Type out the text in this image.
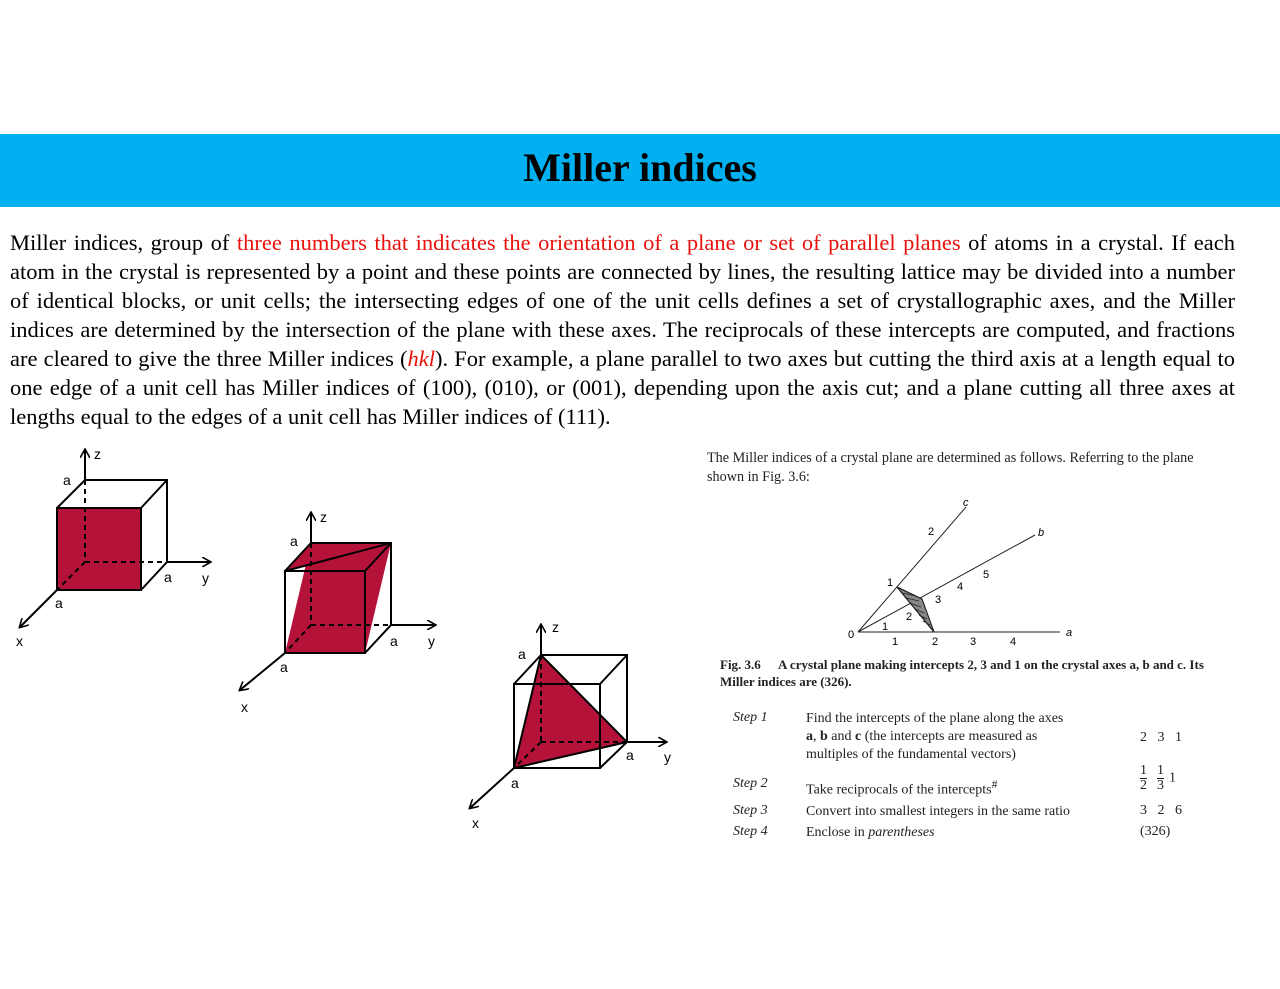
Miller indices
Miller indices, group of three numbers that indicates the orientation of a plane or set of parallel planes of atoms in a crystal. If each atom in the crystal is represented by a point and these points are connected by lines, the resulting lattice may be divided into a number of identical blocks, or unit cells; the intersecting edges of one of the unit cells defines a set of crystallographic axes, and the Miller indices are determined by the intersection of the plane with these axes. The reciprocals of these intercepts are computed, and fractions are cleared to give the three Miller indices (hkl). For example, a plane parallel to two axes but cutting the third axis at a length equal to one edge of a unit cell has Miller indices of (100), (010), or (001), depending upon the axis cut; and a plane cutting all three axes at lengths equal to the edges of a unit cell has Miller indices of (111).
z
y
x
a
a
a
z
y
x
a
a
a
z
y
x
a
a
a
The Miller indices of a crystal plane are determined as follows. Referring to the plane shown in Fig. 3.6:
0	a
b
c
1	2	3	4
1
2
3
4
5
1
2
Fig. 3.6 A crystal plane making intercepts 2, 3 and 1 on the crystal axes a, b and c. Its Miller indices are (326).
Step 1	Find the intercepts of the plane along the axes
a, b and c (the intercepts are measured as
multiples of the fundamental vectors)
2   3   1
Step 2	Take reciprocals of the intercepts#	$\frac{1}{2} \frac{1}{3} 1$
Step 3	Convert into smallest integers in the same ratio	3   2   6
Step 4	Enclose in parentheses	(326)
